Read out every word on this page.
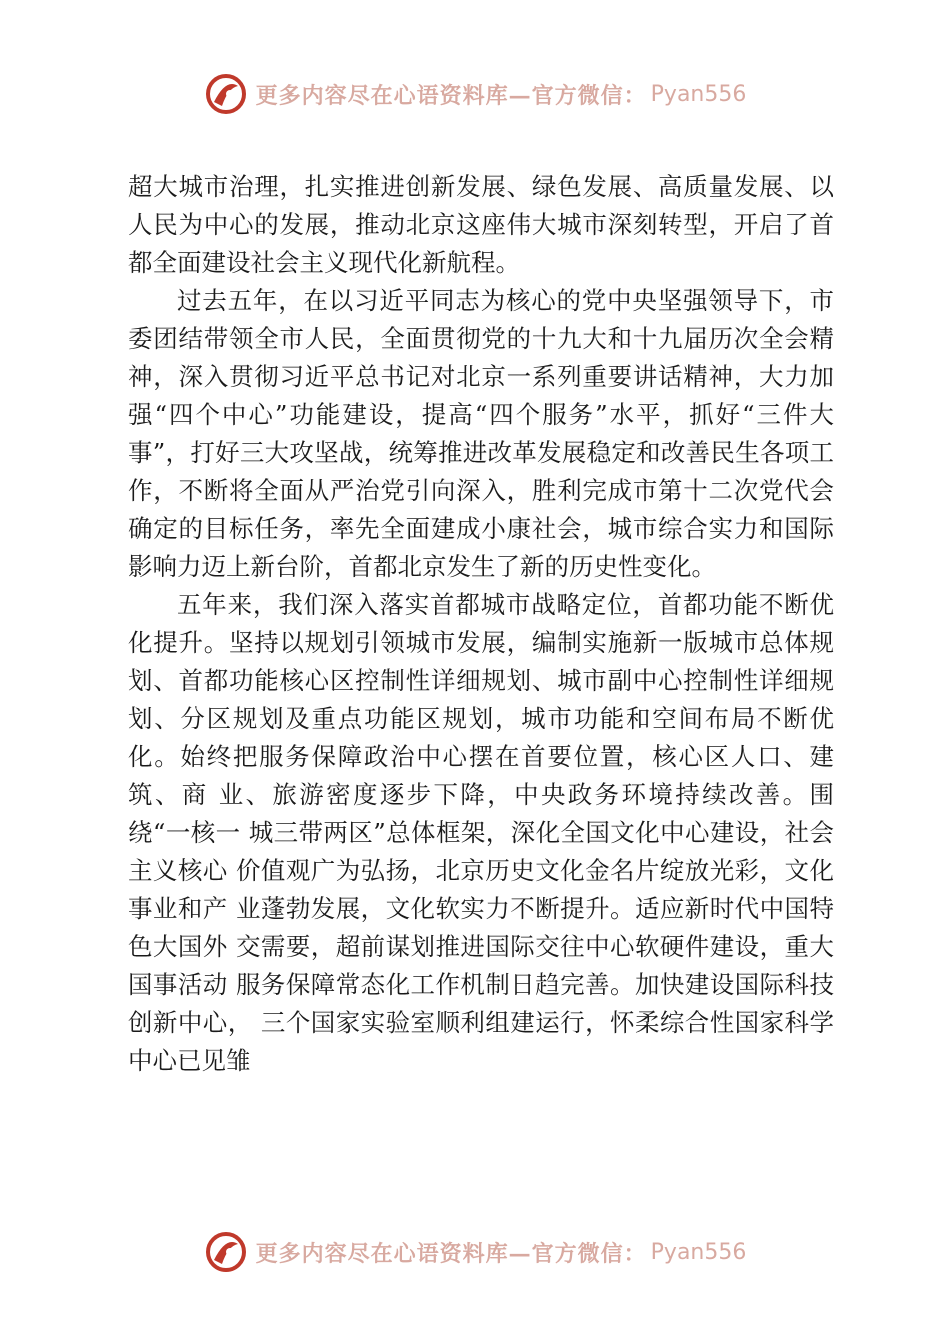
更多内容尽在心语资料库—官方微信： Pyan556

超大城市治理，扎实推进创新发展、绿色发展、高质量发展、以人民为中心的发展，推动北京这座伟大城市深刻转型，开启了首都全面建设社会主义现代化新航程。

过去五年，在以习近平同志为核心的党中央坚强领导下，市委团结带领全市人民，全面贯彻党的十九大和十九届历次全会精神，深入贯彻习近平总书记对北京一系列重要讲话精神，大力加强“四个中心”功能建设，提高“四个服务”水平，抓好“三件大事”，打好三大攻坚战，统筹推进改革发展稳定和改善民生各项工作，不断将全面从严治党引向深入，胜利完成市第十二次党代会确定的目标任务，率先全面建成小康社会，城市综合实力和国际影响力迈上新台阶，首都北京发生了新的历史性变化。

五年来，我们深入落实首都城市战略定位，首都功能不断优 化提升。坚持以规划引领城市发展，编制实施新一版城市总体规 划、首都功能核心区控制性详细规划、城市副中心控制性详细规 划、分区规划及重点功能区规划，城市功能和空间布局不断优化。始终把服务保障政治中心摆在首要位置，核心区人口、建筑、商 业、旅游密度逐步下降，中央政务环境持续改善。围绕“一核一 城三带两区”总体框架，深化全国文化中心建设，社会主义核心 价值观广为弘扬，北京历史文化金名片绽放光彩，文化事业和产 业蓬勃发展，文化软实力不断提升。适应新时代中国特色大国外 交需要，超前谋划推进国际交往中心软硬件建设，重大国事活动 服务保障常态化工作机制日趋完善。加快建设国际科技创新中心， 三个国家实验室顺利组建运行，怀柔综合性国家科学中心已见雏

更多内容尽在心语资料库—官方微信： Pyan556
